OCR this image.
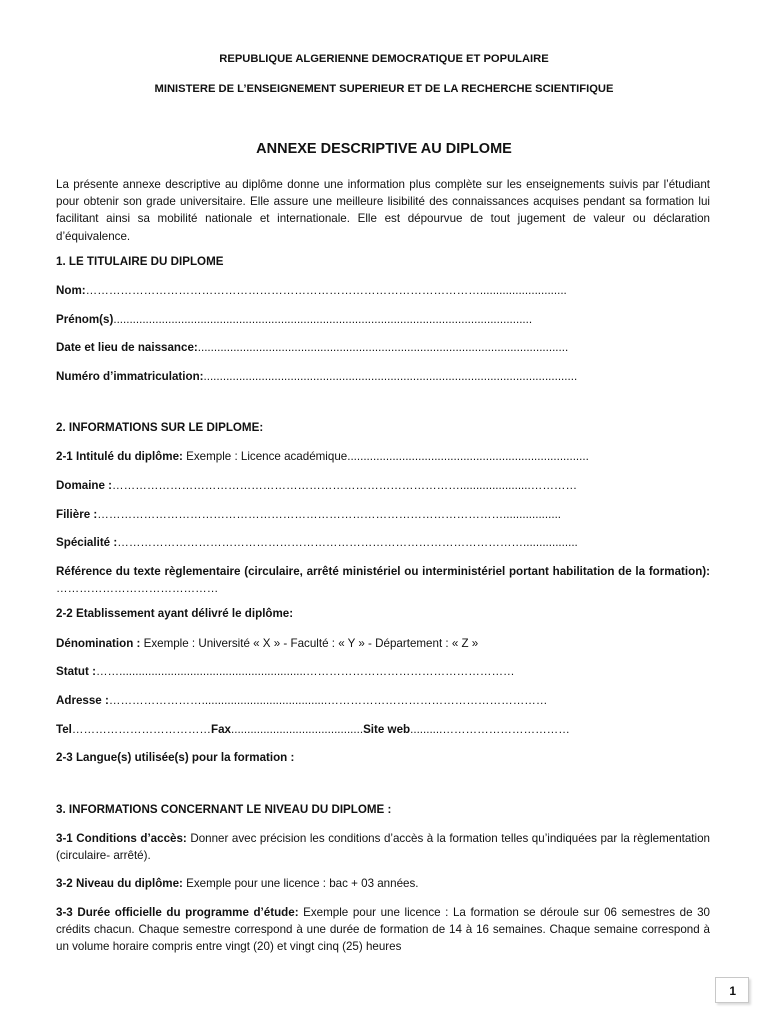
REPUBLIQUE ALGERIENNE DEMOCRATIQUE ET POPULAIRE
MINISTERE DE L’ENSEIGNEMENT SUPERIEUR ET DE LA RECHERCHE SCIENTIFIQUE
ANNEXE DESCRIPTIVE AU DIPLOME
La présente annexe descriptive au diplôme donne une information plus complète sur les enseignements suivis par l’étudiant pour obtenir son grade universitaire. Elle assure une meilleure lisibilité des connaissances acquises pendant sa formation lui facilitant ainsi sa mobilité nationale et internationale. Elle est dépourvue de tout jugement de valeur ou déclaration d’équivalence.
1. LE TITULAIRE DU DIPLOME
Nom:…………………………………………………………………………………………...........................
Prénom(s)..................................................................................................................................
Date et lieu de naissance:...................................................................................................................
Numéro d’immatriculation:....................................................................................................................
2. INFORMATIONS SUR LE DIPLOME:
2-1 Intitulé du diplôme: Exemple : Licence académique...........................................................................
Domaine :………………………………………………………………………………......................…………
Filière :……………………………………………………………………………………………..................
Spécialité :…………………………………………………………………………………………….................
Référence du texte règlementaire (circulaire, arrêté ministériel ou interministériel portant habilitation de la formation): ……………………………………
2-2 Etablissement ayant délivré le diplôme:
Dénomination : Exemple : Université « X » - Faculté : « Y » - Département : « Z »
Statut :……..........................................................………………………………………………
Adresse :…………………….......................................…………………………………………………
Tel………………………………Fax.........................................Site web..........……………………………
2-3 Langue(s) utilisée(s) pour la formation :
3. INFORMATIONS CONCERNANT LE NIVEAU DU DIPLOME :
3-1 Conditions d’accès: Donner avec précision les conditions d’accès à la formation telles qu’indiquées par la règlementation (circulaire- arrêté).
3-2 Niveau du diplôme: Exemple pour une licence : bac + 03 années.
3-3 Durée officielle du programme d’étude: Exemple pour une licence : La formation se déroule sur 06 semestres de 30 crédits chacun. Chaque semestre correspond à une durée de formation de 14 à 16 semaines. Chaque semaine correspond à un volume horaire compris entre vingt (20) et vingt cinq (25) heures
1
